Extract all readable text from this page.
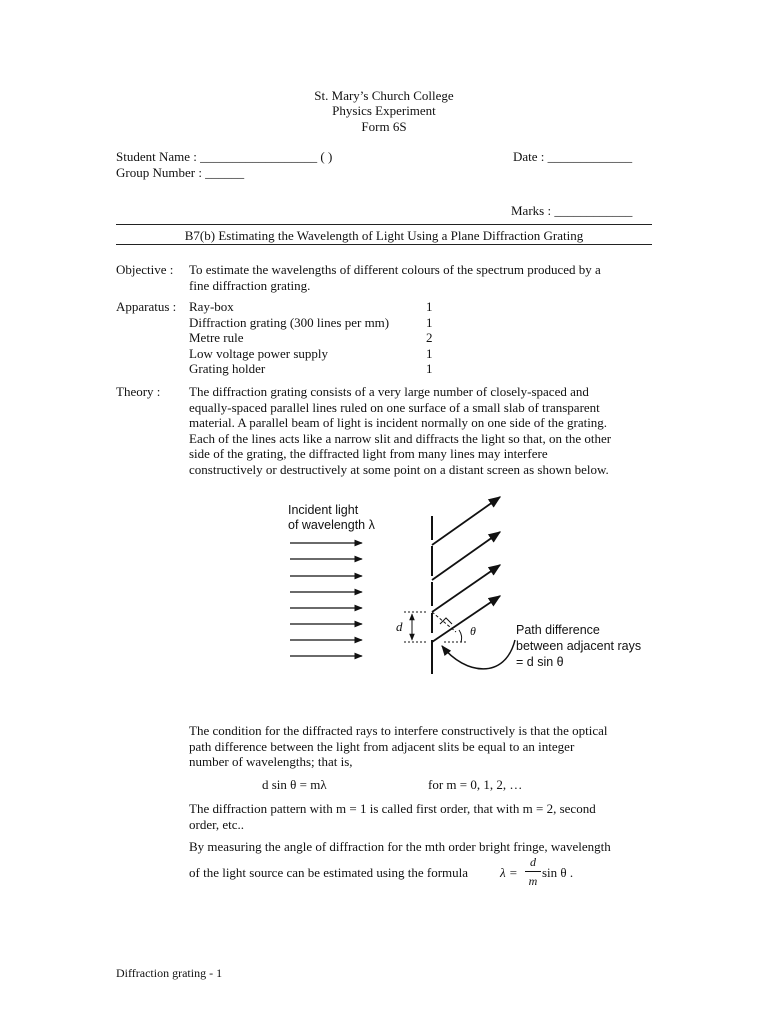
St. Mary’s Church College
Physics Experiment
Form 6S
Student Name : __________________ ( )	Date : _____________
Group Number : ______
Marks : ____________
B7(b) Estimating the Wavelength of Light Using a Plane Diffraction Grating
Objective : To estimate the wavelengths of different colours of the spectrum produced by a
fine diffraction grating.
Apparatus : Ray-box	1
Diffraction grating (300 lines per mm)	1
Metre rule	2
Low voltage power supply	1
Grating holder	1
Theory : The diffraction grating consists of a very large number of closely-spaced and
equally-spaced parallel lines ruled on one surface of a small slab of transparent
material. A parallel beam of light is incident normally on one side of the grating.
Each of the lines acts like a narrow slit and diffracts the light so that, on the other
side of the grating, the diffracted light from many lines may interfere
constructively or destructively at some point on a distant screen as shown below.
Incident light
of wavelength λ
d	θ	Path difference
between adjacent rays
= d sin θ
The condition for the diffracted rays to interfere constructively is that the optical
path difference between the light from adjacent slits be equal to an integer
number of wavelengths; that is,
d sin θ = mλ	for m = 0, 1, 2, …
The diffraction pattern with m = 1 is called first order, that with m = 2, second
order, etc..
By measuring the angle of diffraction for the mth order bright fringe, wavelength
of the light source can be estimated using the formula λ =
d
m
sin θ .
Diffraction grating - 1
